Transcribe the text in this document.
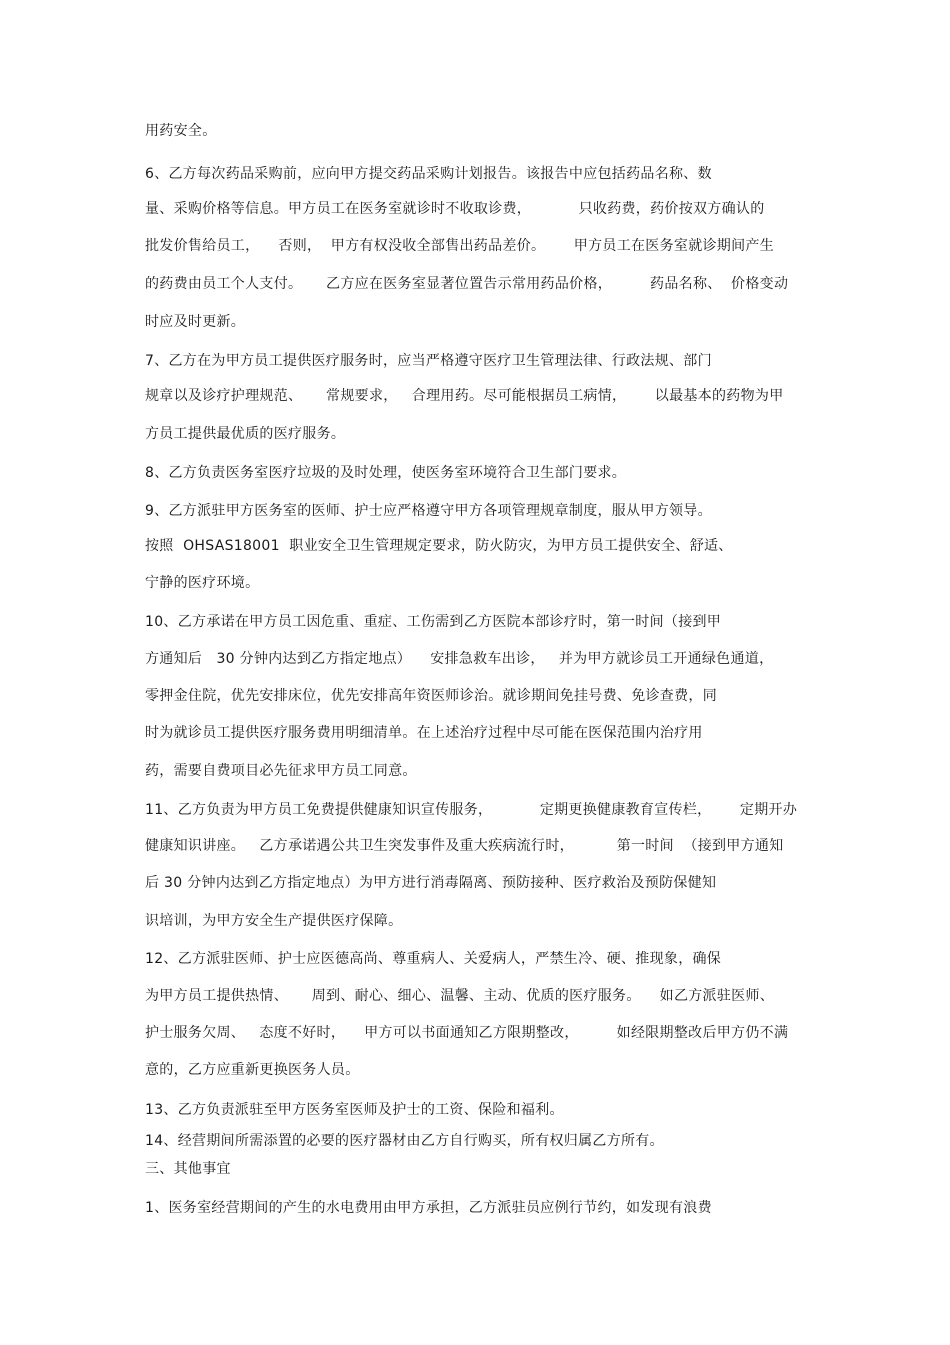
用药安全。
6、乙方每次药品采购前，应向甲方提交药品采购计划报告。该报告中应包括药品名称、数
量、采购价格等信息。甲方员工在医务室就诊时不收取诊费，          只收药费，药价按双方确认的
批发价售给员工，    否则，  甲方有权没收全部售出药品差价。      甲方员工在医务室就诊期间产生
的药费由员工个人支付。     乙方应在医务室显著位置告示常用药品价格，        药品名称、  价格变动
时应及时更新。
7、乙方在为甲方员工提供医疗服务时，应当严格遵守医疗卫生管理法律、行政法规、部门
规章以及诊疗护理规范、     常规要求，   合理用药。尽可能根据员工病情，      以最基本的药物为甲
方员工提供最优质的医疗服务。
8、乙方负责医务室医疗垃圾的及时处理，使医务室环境符合卫生部门要求。
9、乙方派驻甲方医务室的医师、护士应严格遵守甲方各项管理规章制度，服从甲方领导。
按照  OHSAS18001  职业安全卫生管理规定要求，防火防灾，为甲方员工提供安全、舒适、
宁静的医疗环境。
10、乙方承诺在甲方员工因危重、重症、工伤需到乙方医院本部诊疗时，第一时间（接到甲
方通知后   30 分钟内达到乙方指定地点）    安排急救车出诊，   并为甲方就诊员工开通绿色通道，
零押金住院，优先安排床位，优先安排高年资医师诊治。就诊期间免挂号费、免诊查费，同
时为就诊员工提供医疗服务费用明细清单。在上述治疗过程中尽可能在医保范围内治疗用
药，需要自费项目必先征求甲方员工同意。
11、乙方负责为甲方员工免费提供健康知识宣传服务，          定期更换健康教育宣传栏，      定期开办
健康知识讲座。   乙方承诺遇公共卫生突发事件及重大疾病流行时，         第一时间  （接到甲方通知
后 30 分钟内达到乙方指定地点）为甲方进行消毒隔离、预防接种、医疗救治及预防保健知
识培训，为甲方安全生产提供医疗保障。
12、乙方派驻医师、护士应医德高尚、尊重病人、关爱病人，严禁生冷、硬、推现象，确保
为甲方员工提供热情、     周到、耐心、细心、温馨、主动、优质的医疗服务。    如乙方派驻医师、
护士服务欠周、   态度不好时，    甲方可以书面通知乙方限期整改，        如经限期整改后甲方仍不满
意的，乙方应重新更换医务人员。
13、乙方负责派驻至甲方医务室医师及护士的工资、保险和福利。
14、经营期间所需添置的必要的医疗器材由乙方自行购买，所有权归属乙方所有。
三、其他事宜
1、医务室经营期间的产生的水电费用由甲方承担，乙方派驻员应例行节约，如发现有浪费
